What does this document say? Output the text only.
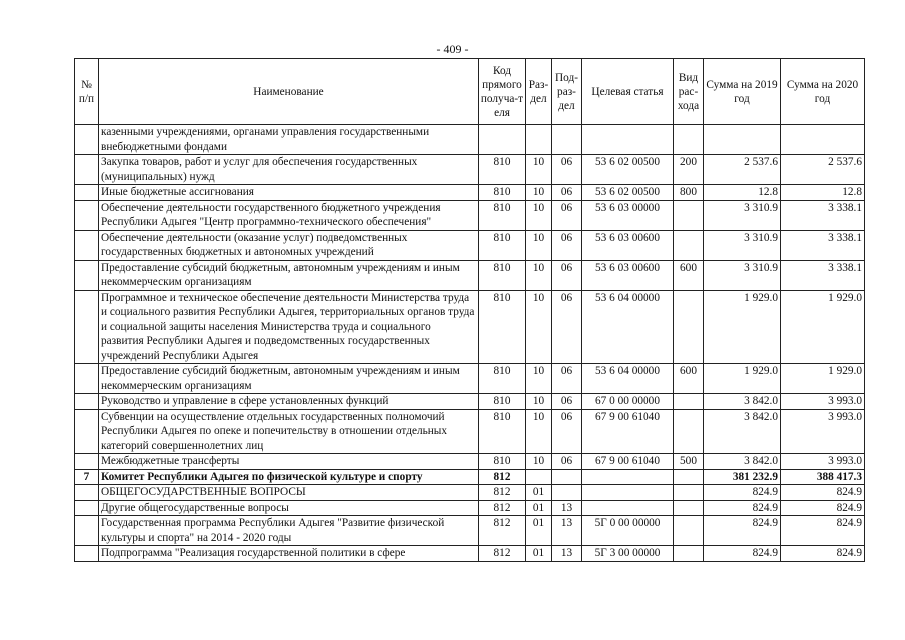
- 409 -
№ п/п	Наименование	Код прямого получа-т еля	Раз-дел	Под-раз-дел	Целевая статья	Вид рас-хода	Сумма на 2019 год	Сумма на 2020 год
	казенными учреждениями, органами управления государственными внебюджетными фондами							
	Закупка товаров, работ и услуг для обеспечения государственных (муниципальных) нужд	810	10	06	53 6 02 00500	200	2 537.6	2 537.6
	Иные бюджетные ассигнования	810	10	06	53 6 02 00500	800	12.8	12.8
	Обеспечение деятельности государственного бюджетного учреждения Республики Адыгея "Центр программно-технического обеспечения"	810	10	06	53 6 03 00000		3 310.9	3 338.1
	Обеспечение деятельности (оказание услуг) подведомственных государственных бюджетных и автономных учреждений	810	10	06	53 6 03 00600		3 310.9	3 338.1
	Предоставление субсидий бюджетным, автономным учреждениям и иным некоммерческим организациям	810	10	06	53 6 03 00600	600	3 310.9	3 338.1
	Программное и техническое обеспечение деятельности Министерства труда и социального развития Республики Адыгея, территориальных органов труда и социальной защиты населения Министерства труда и социального развития Республики Адыгея и подведомственных государственных учреждений Республики Адыгея	810	10	06	53 6 04 00000		1 929.0	1 929.0
	Предоставление субсидий бюджетным, автономным учреждениям и иным некоммерческим организациям	810	10	06	53 6 04 00000	600	1 929.0	1 929.0
	Руководство и управление в сфере установленных функций	810	10	06	67 0 00 00000		3 842.0	3 993.0
	Субвенции на осуществление отдельных государственных полномочий Республики Адыгея по опеке и попечительству в отношении отдельных категорий совершеннолетних лиц	810	10	06	67 9 00 61040		3 842.0	3 993.0
	Межбюджетные трансферты	810	10	06	67 9 00 61040	500	3 842.0	3 993.0
7	Комитет Республики Адыгея по физической культуре и спорту	812					381 232.9	388 417.3
	ОБЩЕГОСУДАРСТВЕННЫЕ ВОПРОСЫ	812	01				824.9	824.9
	Другие общегосударственные вопросы	812	01	13			824.9	824.9
	Государственная программа Республики Адыгея "Развитие физической культуры и спорта" на 2014 - 2020 годы	812	01	13	5Г 0 00 00000		824.9	824.9
	Подпрограмма "Реализация государственной политики в сфере	812	01	13	5Г 3 00 00000		824.9	824.9
